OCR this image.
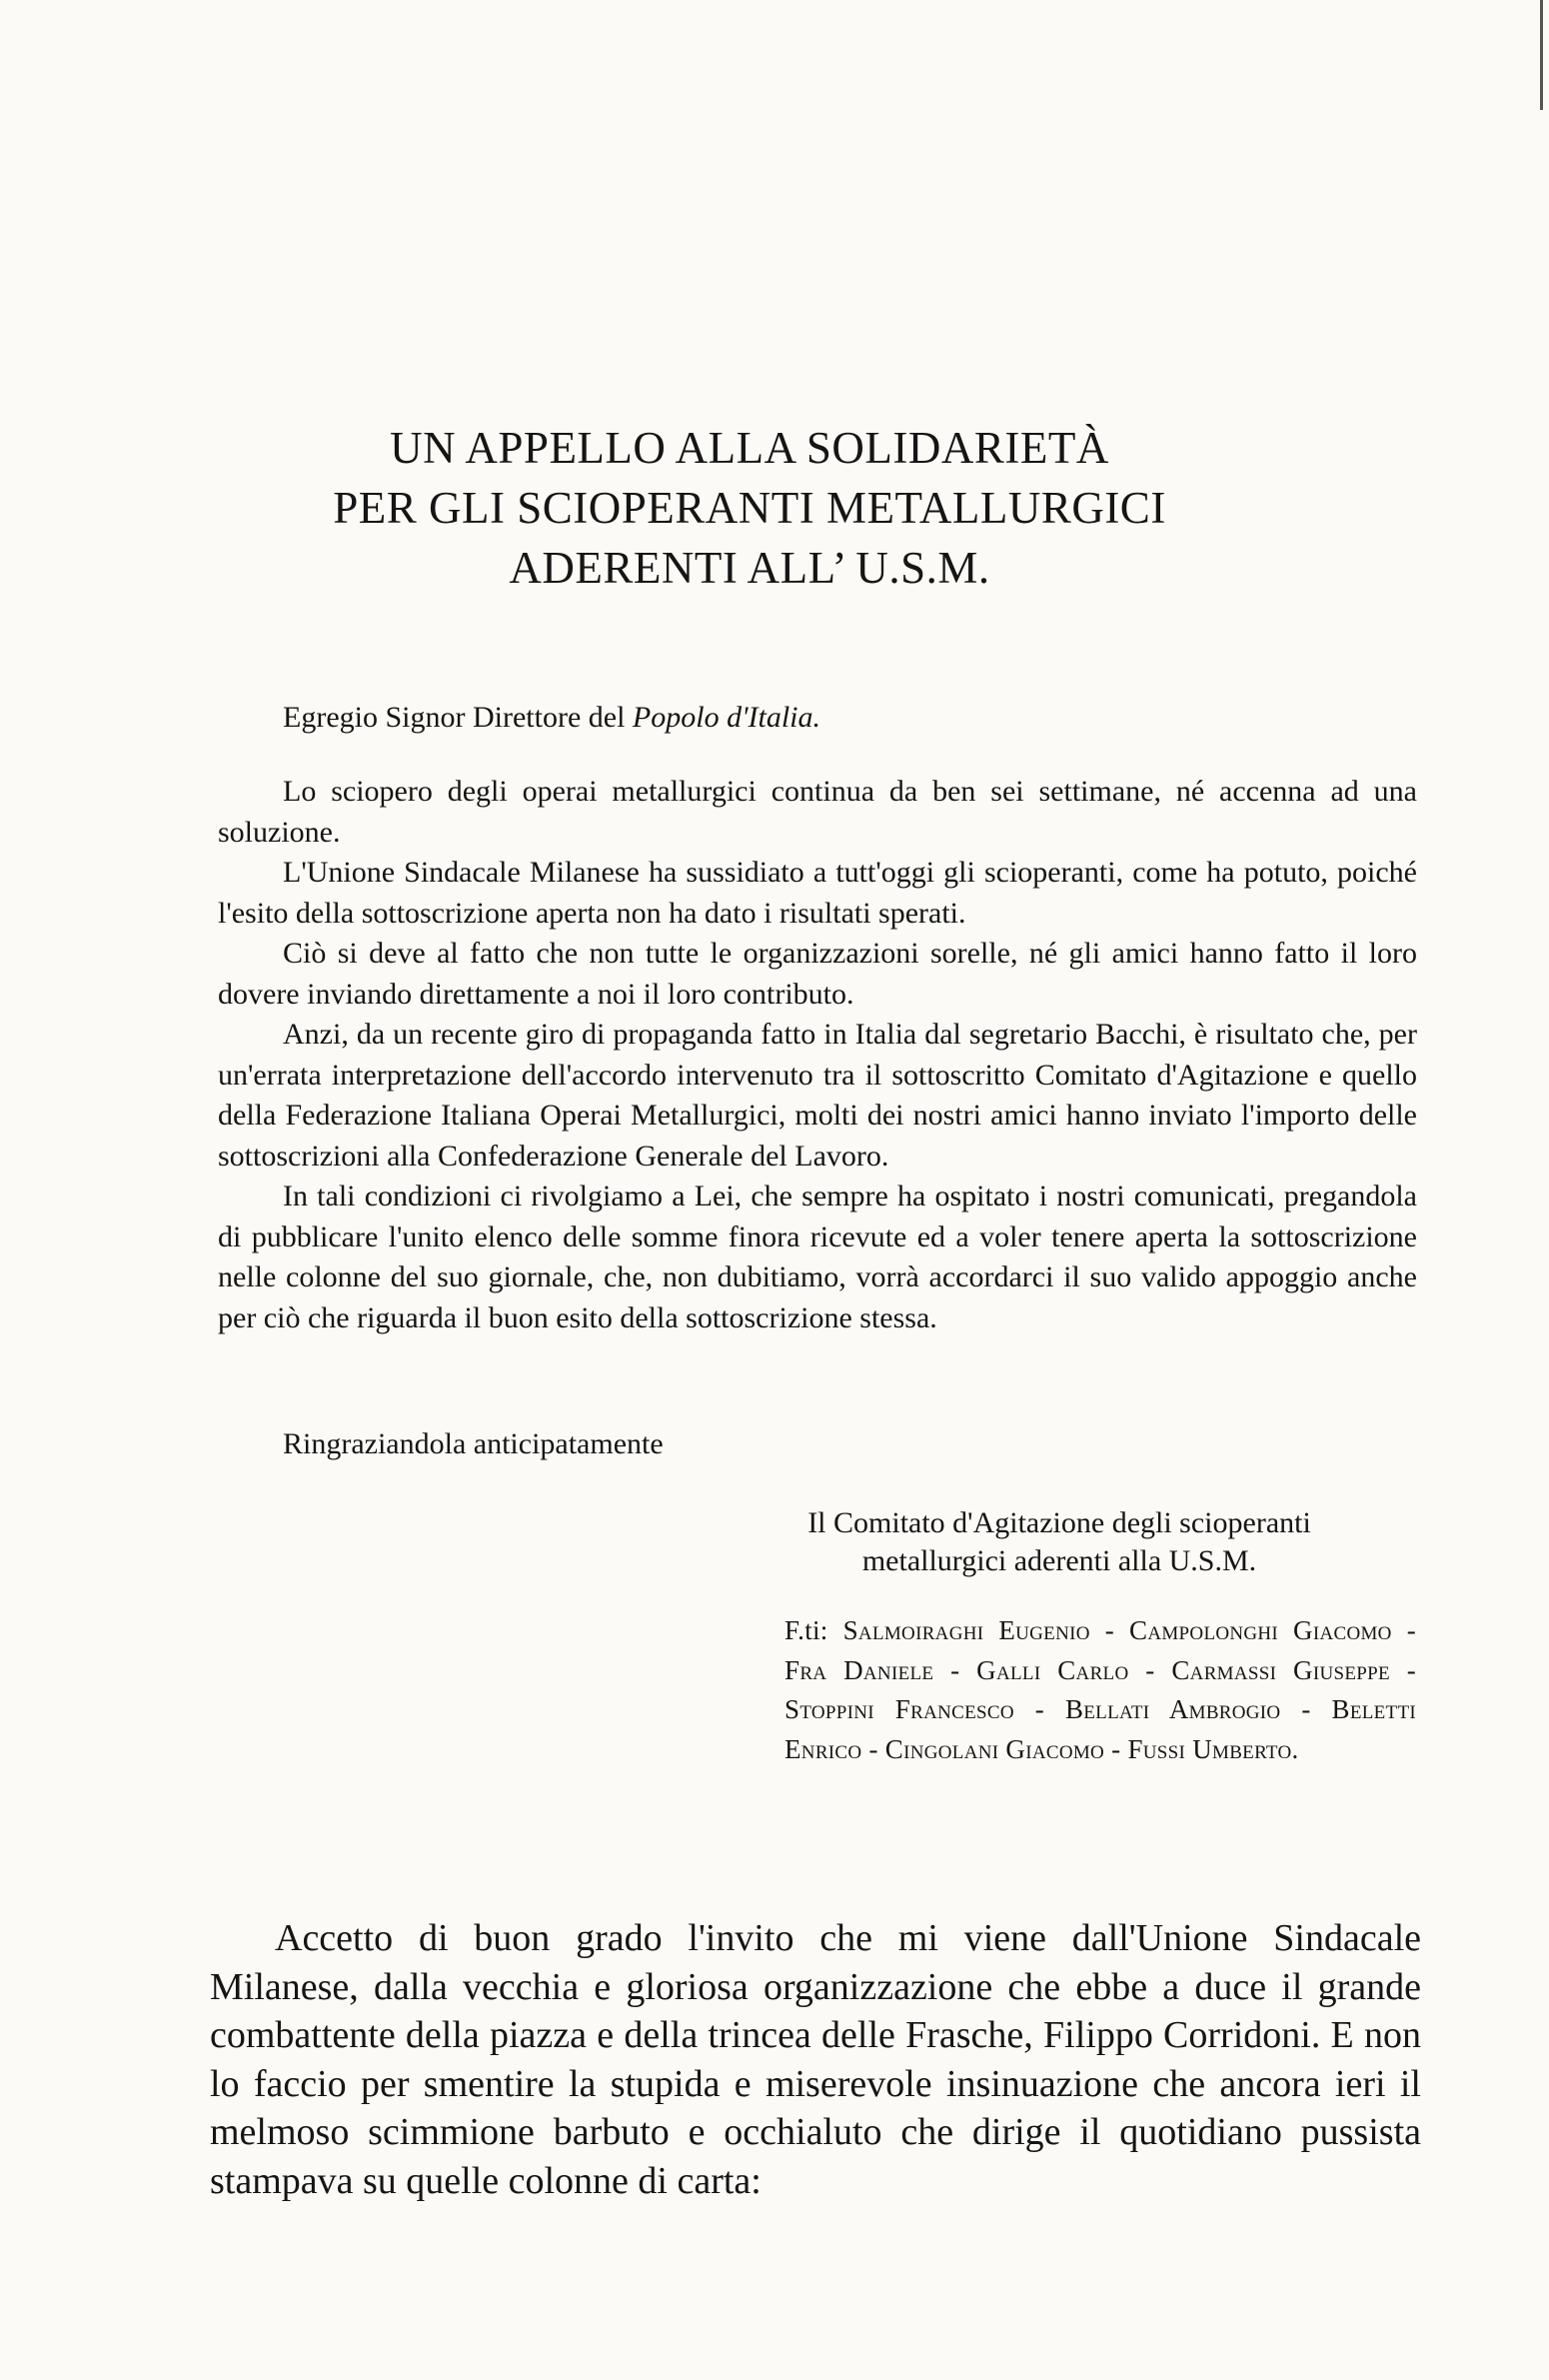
UN APPELLO ALLA SOLIDARIETÀ
PER GLI SCIOPERANTI METALLURGICI
ADERENTI ALL’ U.S.M.
Egregio Signor Direttore del Popolo d'Italia.

Lo sciopero degli operai metallurgici continua da ben sei settimane, né accenna ad una soluzione.

L'Unione Sindacale Milanese ha sussidiato a tutt'oggi gli scioperanti, come ha potuto, poiché l'esito della sottoscrizione aperta non ha dato i risultati sperati.

Ciò si deve al fatto che non tutte le organizzazioni sorelle, né gli amici hanno fatto il loro dovere inviando direttamente a noi il loro contributo.

Anzi, da un recente giro di propaganda fatto in Italia dal segretario Bacchi, è risultato che, per un'errata interpretazione dell'accordo intervenuto tra il sottoscritto Comitato d'Agitazione e quello della Federazione Italiana Operai Metallurgici, molti dei nostri amici hanno inviato l'importo delle sottoscrizioni alla Confederazione Generale del Lavoro.

In tali condizioni ci rivolgiamo a Lei, che sempre ha ospitato i nostri comunicati, pregandola di pubblicare l'unito elenco delle somme finora ricevute ed a voler tenere aperta la sottoscrizione nelle colonne del suo giornale, che, non dubitiamo, vorrà accordarci il suo valido appoggio anche per ciò che riguarda il buon esito della sottoscrizione stessa.

Ringraziandola anticipatamente
Il Comitato d'Agitazione degli scioperanti
metallurgici aderenti alla U.S.M.
F.ti: Salmoiraghi Eugenio - Campolonghi Giacomo - Fra Daniele - Galli Carlo - Carmassi Giuseppe - Stoppini Francesco - Bellati Ambrogio - Beletti Enrico - Cingolani Giacomo - Fussi Umberto.

Accetto di buon grado l'invito che mi viene dall'Unione Sindacale Milanese, dalla vecchia e gloriosa organizzazione che ebbe a duce il grande combattente della piazza e della trincea delle Frasche, Filippo Corridoni. E non lo faccio per smentire la stupida e miserevole insinuazione che ancora ieri il melmoso scimmione barbuto e occhialuto che dirige il quotidiano pussista stampava su quelle colonne di carta:
